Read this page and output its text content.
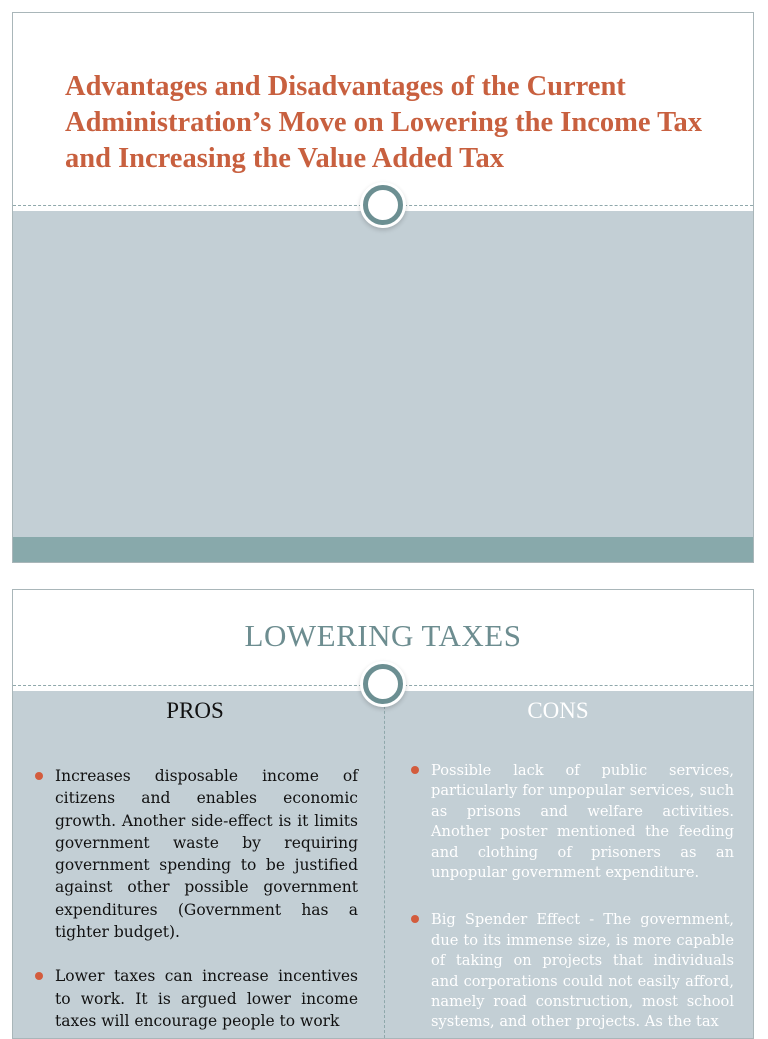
Advantages and Disadvantages of the Current Administration’s Move on Lowering the Income Tax and Increasing the Value Added Tax
LOWERING TAXES
PROS	CONS
Increases disposable income of citizens and enables economic growth. Another side-effect is it limits government waste by requiring government spending to be justified against other possible government expenditures (Government has a tighter budget).
Lower taxes can increase incentives to work. It is argued lower income taxes will encourage people to work
Possible lack of public services, particularly for unpopular services, such as prisons and welfare activities. Another poster mentioned the feeding and clothing of prisoners as an unpopular government expenditure.
Big Spender Effect - The government, due to its immense size, is more capable of taking on projects that individuals and corporations could not easily afford, namely road construction, most school systems, and other projects. As the tax
